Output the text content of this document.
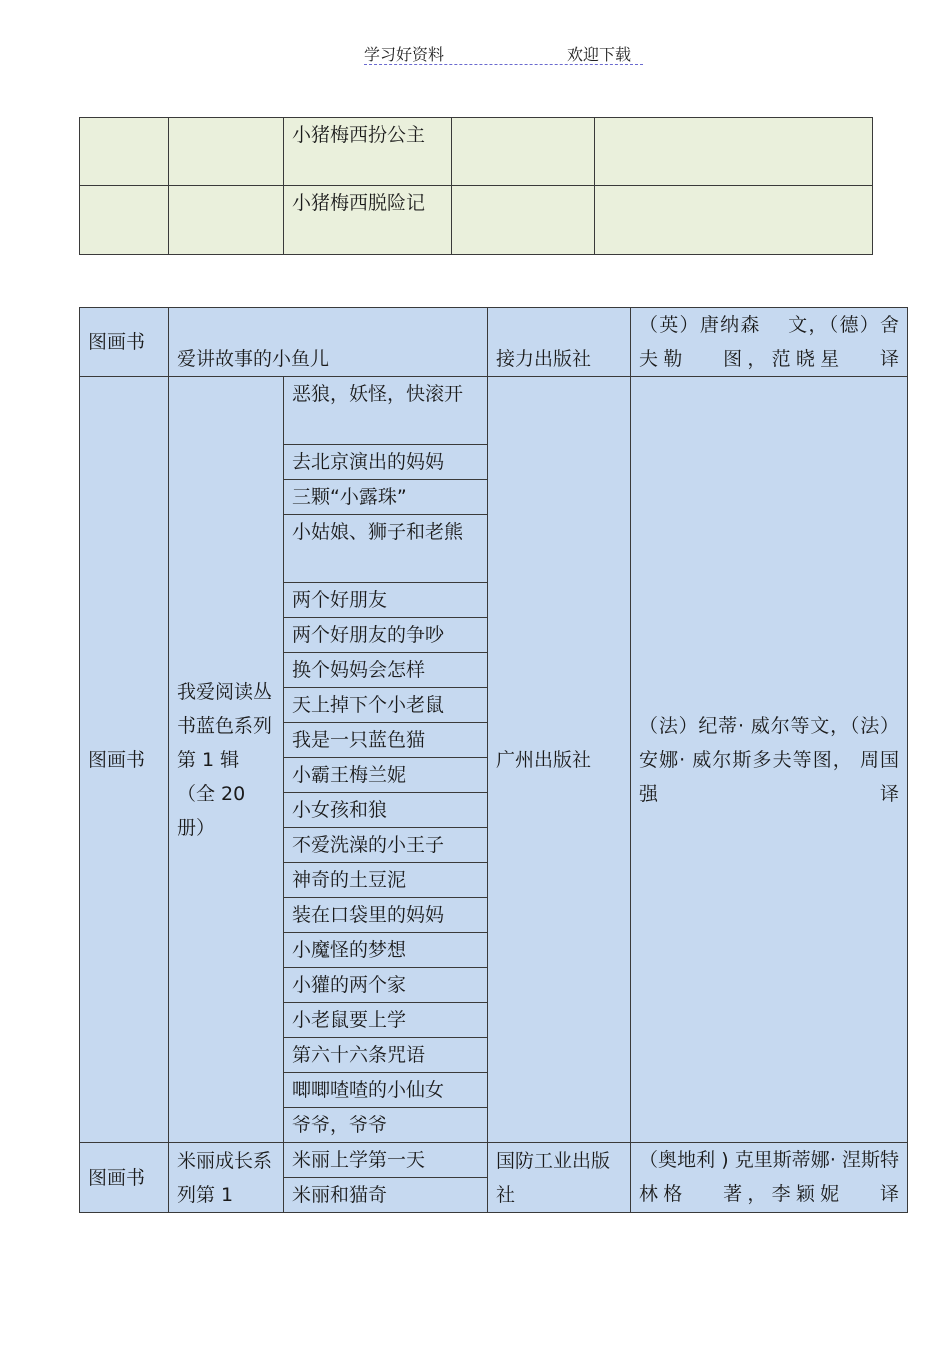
学习好资料	欢迎下载
		小猪梅西扮公主		
		小猪梅西脱险记		
图画书	爱讲故事的小鱼儿		接力出版社	（英）唐纳森　 文，（德）舍夫勒　 图，范晓星　 译
图画书	我爱阅读丛书蓝色系列第 1 辑（全 20 册）	恶狼，妖怪，快滚开	广州出版社	（法）纪蒂· 威尔等文，（法）安娜· 威尔斯多夫等图， 周国强译
		去北京演出的妈妈		
		三颗“小露珠”		
		小姑娘、狮子和老熊		
		两个好朋友		
		两个好朋友的争吵		
		换个妈妈会怎样		
		天上掉下个小老鼠		
		我是一只蓝色猫		
		小霸王梅兰妮		
		小女孩和狼		
		不爱洗澡的小王子		
		神奇的土豆泥		
		装在口袋里的妈妈		
		小魔怪的梦想		
		小獾的两个家		
		小老鼠要上学		
		第六十六条咒语		
		唧唧喳喳的小仙女		
		爷爷，爷爷		
图画书	米丽成长系列第 1	米丽上学第一天	国防工业出版社	（奥地利 ) 克里斯蒂娜· 涅斯特林格　 著，李颖妮　 译
		米丽和猫奇		
